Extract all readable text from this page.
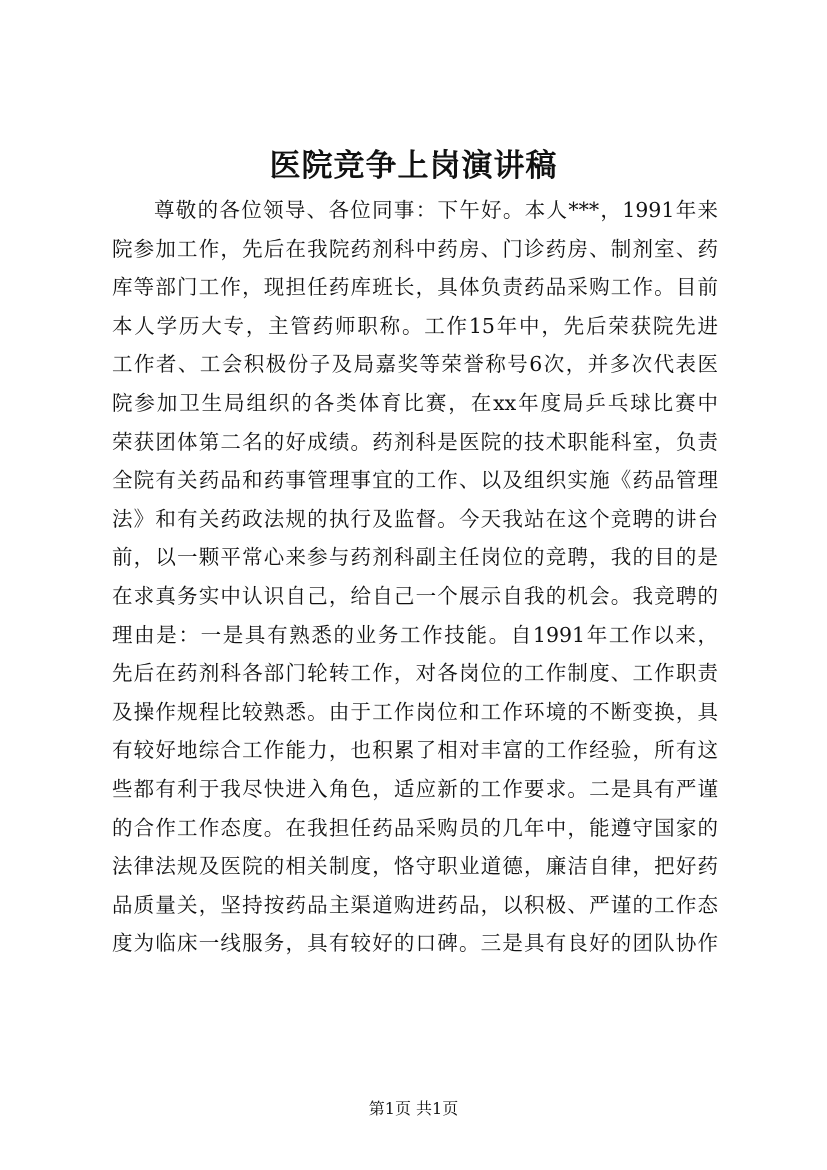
医院竞争上岗演讲稿
尊敬的各位领导、各位同事：下午好。本人***，1991年来
院参加工作，先后在我院药剂科中药房、门诊药房、制剂室、药
库等部门工作，现担任药库班长，具体负责药品采购工作。目前
本人学历大专，主管药师职称。工作15年中，先后荣获院先进
工作者、工会积极份子及局嘉奖等荣誉称号6次，并多次代表医
院参加卫生局组织的各类体育比赛，在xx年度局乒乓球比赛中
荣获团体第二名的好成绩。药剂科是医院的技术职能科室，负责
全院有关药品和药事管理事宜的工作、以及组织实施《药品管理
法》和有关药政法规的执行及监督。今天我站在这个竞聘的讲台
前，以一颗平常心来参与药剂科副主任岗位的竞聘，我的目的是
在求真务实中认识自己，给自己一个展示自我的机会。我竞聘的
理由是：一是具有熟悉的业务工作技能。自1991年工作以来，
先后在药剂科各部门轮转工作，对各岗位的工作制度、工作职责
及操作规程比较熟悉。由于工作岗位和工作环境的不断变换，具
有较好地综合工作能力，也积累了相对丰富的工作经验，所有这
些都有利于我尽快进入角色，适应新的工作要求。二是具有严谨
的合作工作态度。在我担任药品采购员的几年中，能遵守国家的
法律法规及医院的相关制度，恪守职业道德，廉洁自律，把好药
品质量关，坚持按药品主渠道购进药品，以积极、严谨的工作态
度为临床一线服务，具有较好的口碑。三是具有良好的团队协作
第1页 共1页
